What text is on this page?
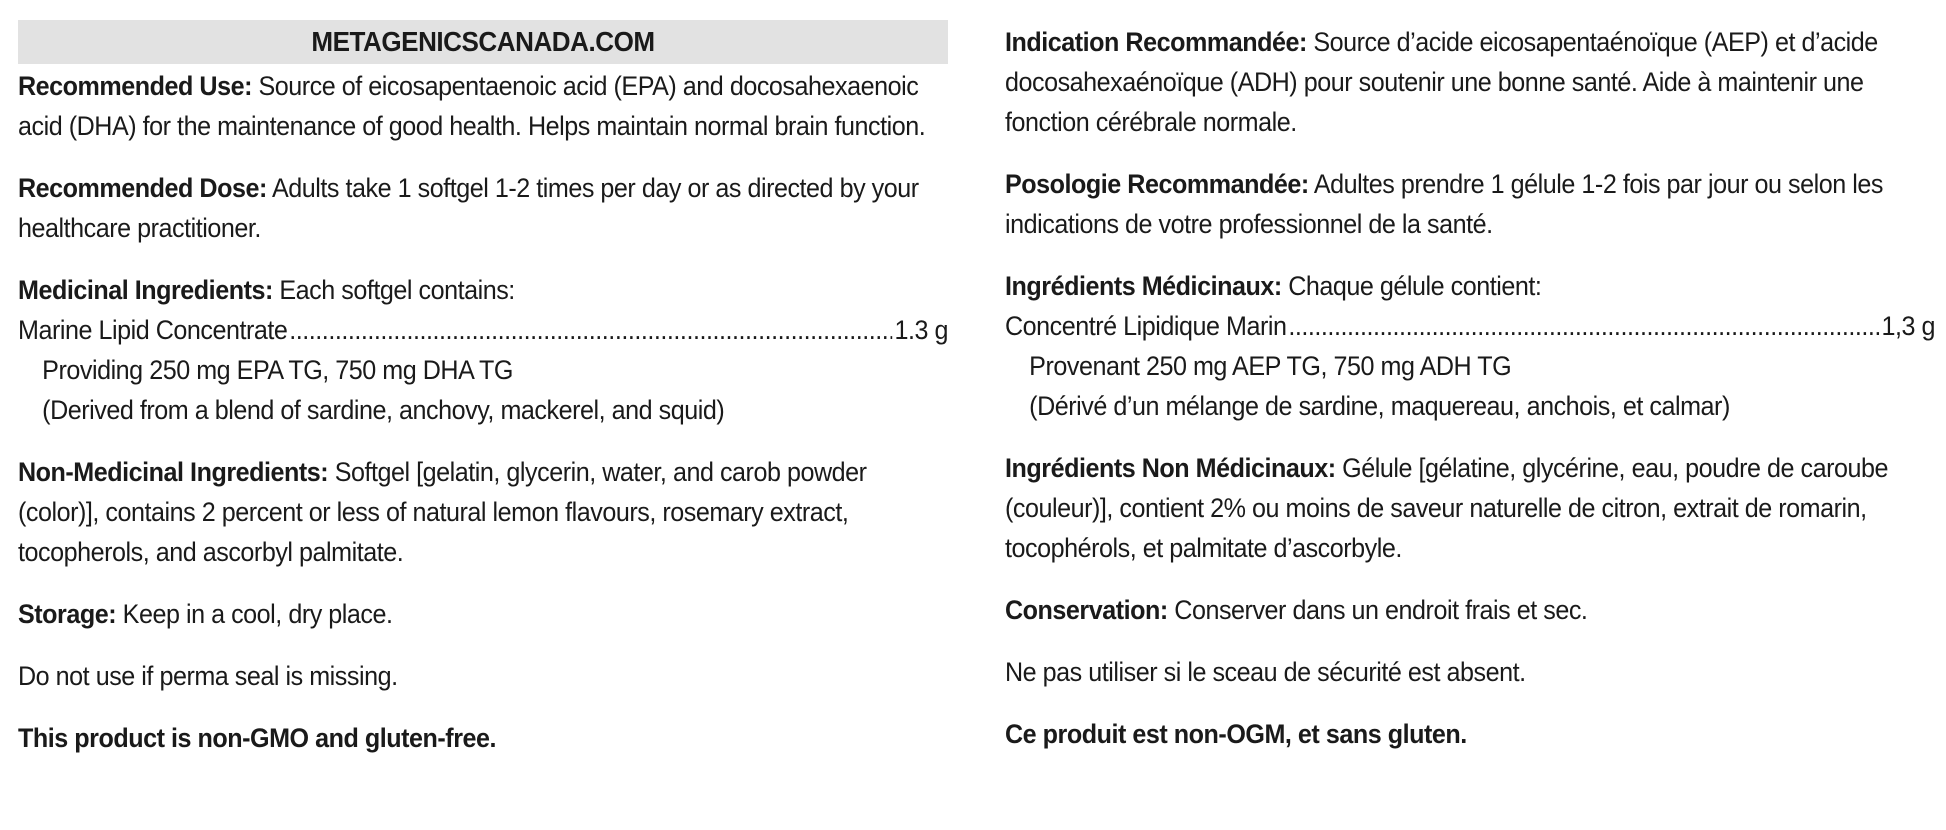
METAGENICSCANADA.COM

Recommended Use: Source of eicosapentaenoic acid (EPA) and docosahexaenoic acid (DHA) for the maintenance of good health. Helps maintain normal brain function.

Recommended Dose: Adults take 1 softgel 1-2 times per day or as directed by your healthcare practitioner.

Medicinal Ingredients: Each softgel contains:
Marine Lipid Concentrate .....	1.3 g
Providing 250 mg EPA TG, 750 mg DHA TG
(Derived from a blend of sardine, anchovy, mackerel, and squid)

Non-Medicinal Ingredients: Softgel [gelatin, glycerin, water, and carob powder (color)], contains 2 percent or less of natural lemon flavours, rosemary extract, tocopherols, and ascorbyl palmitate.

Storage: Keep in a cool, dry place.

Do not use if perma seal is missing.

This product is non-GMO and gluten-free.

Indication Recommandée: Source d’acide eicosapentaénoïque (AEP) et d’acide docosahexaénoïque (ADH) pour soutenir une bonne santé. Aide à maintenir une fonction cérébrale normale.

Posologie Recommandée: Adultes prendre 1 gélule 1-2 fois par jour ou selon les indications de votre professionnel de la santé.

Ingrédients Médicinaux: Chaque gélule contient:
Concentré Lipidique Marin .....	1,3 g
Provenant 250 mg AEP TG, 750 mg ADH TG
(Dérivé d’un mélange de sardine, maquereau, anchois, et calmar)

Ingrédients Non Médicinaux: Gélule [gélatine, glycérine, eau, poudre de caroube (couleur)], contient 2% ou moins de saveur naturelle de citron, extrait de romarin, tocophérols, et palmitate d’ascorbyle.

Conservation: Conserver dans un endroit frais et sec.

Ne pas utiliser si le sceau de sécurité est absent.

Ce produit est non-OGM, et sans gluten.
